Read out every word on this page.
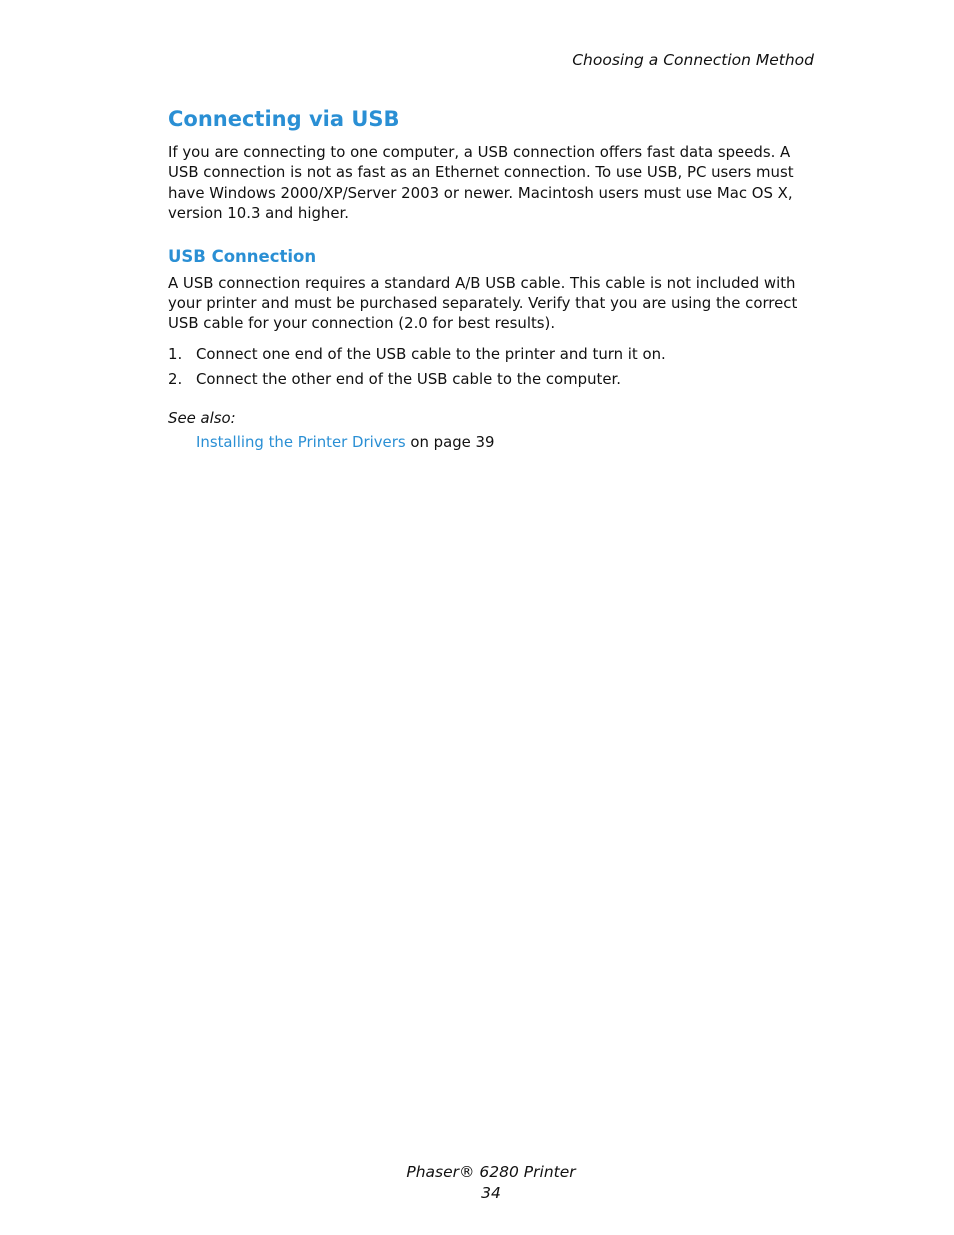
Choosing a Connection Method
Connecting via USB

If you are connecting to one computer, a USB connection offers fast data speeds. A USB connection is not as fast as an Ethernet connection. To use USB, PC users must have Windows 2000/XP/Server 2003 or newer. Macintosh users must use Mac OS X, version 10.3 and higher.

USB Connection

A USB connection requires a standard A/B USB cable. This cable is not included with your printer and must be purchased separately. Verify that you are using the correct USB cable for your connection (2.0 for best results).

1. Connect one end of the USB cable to the printer and turn it on.
2. Connect the other end of the USB cable to the computer.
See also:
Installing the Printer Drivers on page 39
Phaser® 6280 Printer
34
